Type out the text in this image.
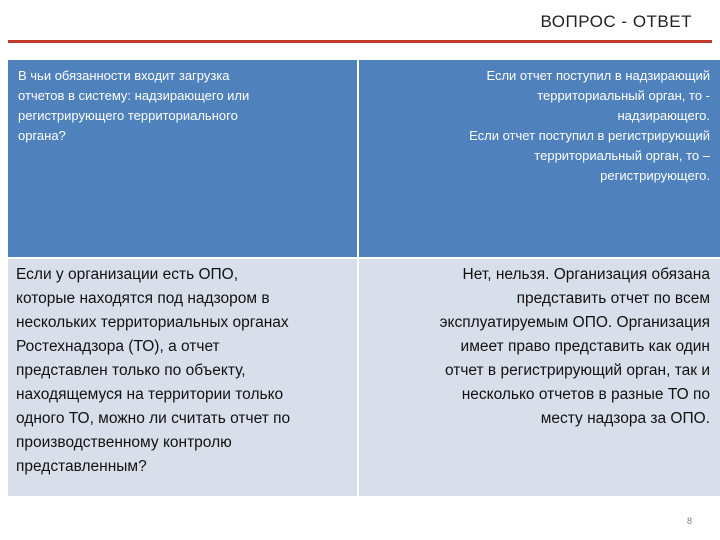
ВОПРОС - ОТВЕТ
В чьи обязанности входит загрузка
отчетов в систему: надзирающего или
регистрирующего территориального
органа?
Если отчет поступил в надзирающий
территориальный орган, то -
надзирающего.
Если отчет поступил в регистрирующий
территориальный орган, то –
регистрирующего.
Если у организации есть ОПО,
которые находятся под надзором в
нескольких территориальных органах
Ростехнадзора (ТО), а отчет
представлен только по объекту,
находящемуся на территории только
одного ТО, можно ли считать отчет по
производственному контролю
представленным?
Нет, нельзя. Организация обязана
представить отчет по всем
эксплуатируемым ОПО. Организация
имеет право представить как один
отчет в регистрирующий орган, так и
несколько отчетов в разные ТО по
месту надзора за ОПО.
8
